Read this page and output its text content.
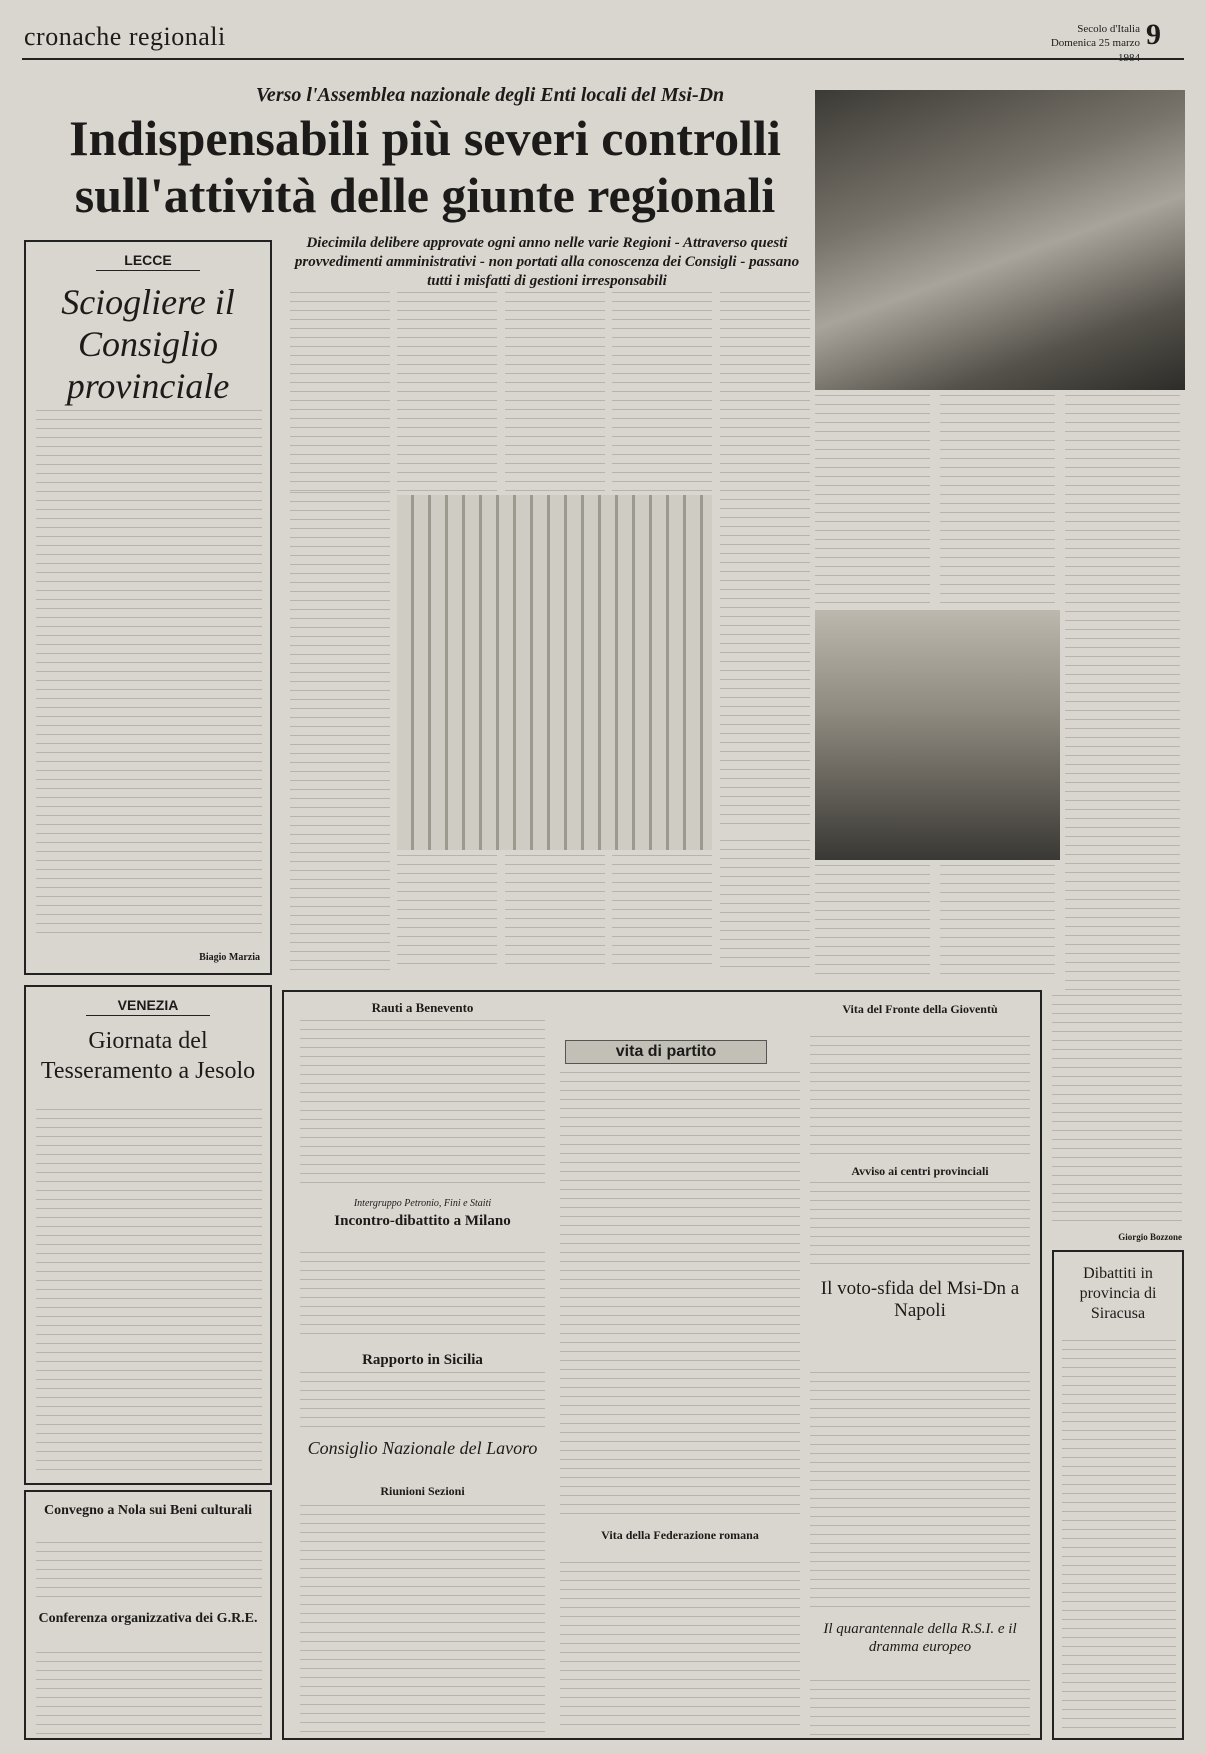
cronache regionali	Secolo d'Italia
Domenica 25 marzo 9
Verso l'Assemblea nazionale degli Enti locali del Msi-Dn
Indispensabili più severi controlli sull'attività delle giunte regionali
Diecimila delibere approvate ogni anno nelle varie Regioni - Attraverso questi provvedimenti amministrativi - non portati alla conoscenza dei Consigli - passano tutti i misfatti di gestioni irresponsabili
LECCE
Sciogliere il Consiglio provinciale
Biagio Marzia
VENEZIA
Giornata del Tesseramento a Jesolo
Convegno a Nola sui Beni culturali
Conferenza organizzativa dei G.R.E.
Rauti a Benevento
Intergruppo Petronio, Fini e Staiti
Incontro-dibattito a Milano
Rapporto in Sicilia
Consiglio Nazionale del Lavoro
Riunioni Sezioni
vita di partito
Vita della Federazione romana
Vita del Fronte della Gioventù
Avviso ai centri provinciali
Il voto-sfida del Msi-Dn a Napoli
Il quarantennale della R.S.I. e il dramma europeo
Giorgio Bozzone
Dibattiti in provincia di Siracusa
